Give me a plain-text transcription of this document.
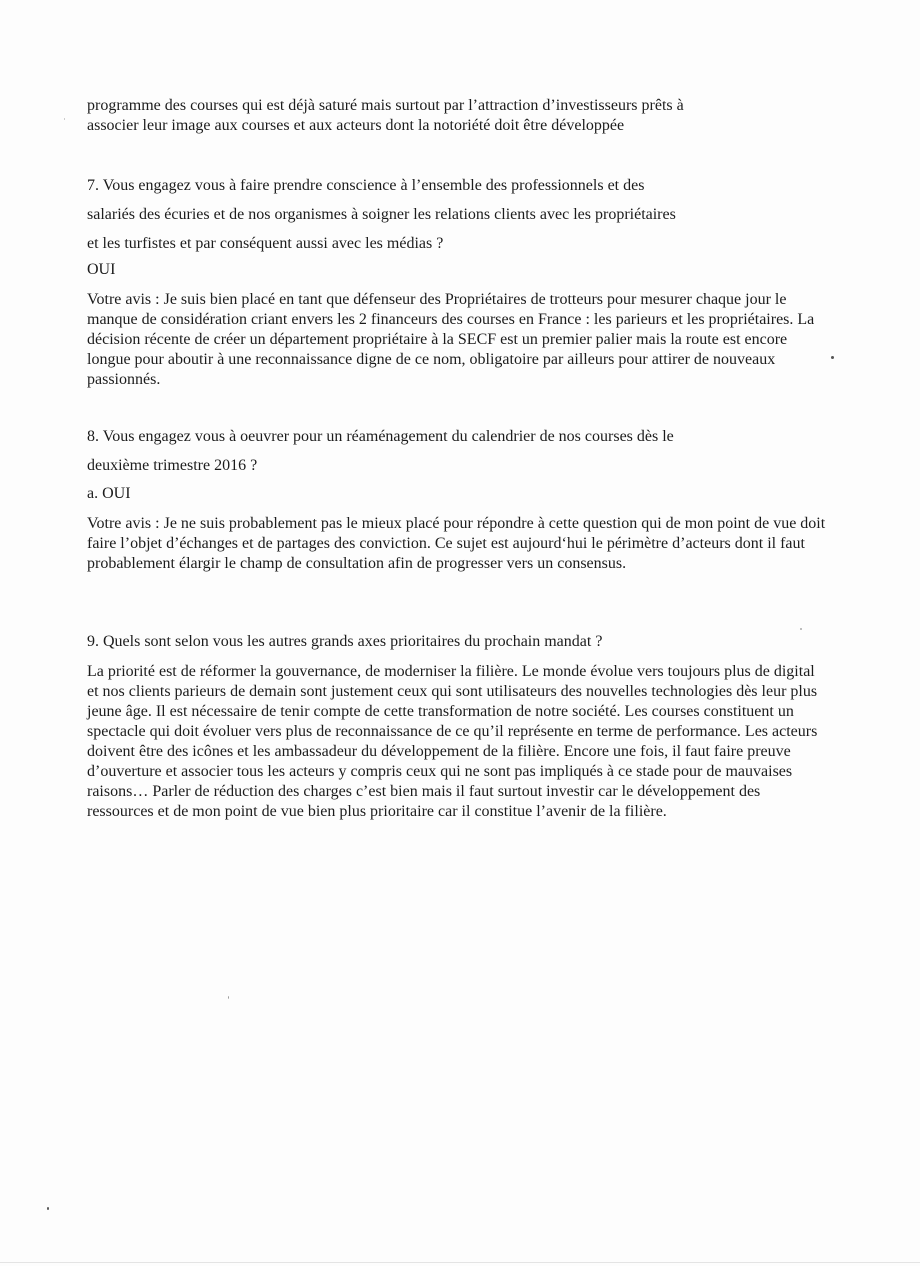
programme des courses qui est déjà saturé mais surtout par l’attraction d’investisseurs prêts à
associer leur image aux courses et aux acteurs dont la notoriété doit être développée
7. Vous engagez vous à faire prendre conscience à l’ensemble des professionnels et des
salariés des écuries et de nos organismes à soigner les relations clients avec les propriétaires
et les turfistes et par conséquent aussi avec les médias ?
OUI

Votre avis : Je suis bien placé en tant que défenseur des Propriétaires de trotteurs pour mesurer chaque jour le manque de considération criant envers les 2 financeurs des courses en France : les parieurs et les propriétaires. La décision récente de créer un département propriétaire à la SECF est un premier palier mais la route est encore longue pour aboutir à une reconnaissance digne de ce nom, obligatoire par ailleurs pour attirer de nouveaux passionnés.

8. Vous engagez vous à oeuvrer pour un réaménagement du calendrier de nos courses dès le
deuxième trimestre 2016 ?
a. OUI

Votre avis : Je ne suis probablement pas le mieux placé pour répondre à cette question qui de mon point de vue doit faire l’objet d’échanges et de partages des conviction. Ce sujet est aujourd‘hui le périmètre d’acteurs dont il faut probablement élargir le champ de consultation afin de progresser vers un consensus.

9. Quels sont selon vous les autres grands axes prioritaires du prochain mandat ?

La priorité est de réformer la gouvernance, de moderniser la filière. Le monde évolue vers toujours plus de digital et nos clients parieurs de demain sont justement ceux qui sont utilisateurs des nouvelles technologies dès leur plus jeune âge. Il est nécessaire de tenir compte de cette transformation de notre société. Les courses constituent un spectacle qui doit évoluer vers plus de reconnaissance de ce qu’il représente en terme de performance. Les acteurs doivent être des icônes et les ambassadeur du développement de la filière. Encore une fois, il faut faire preuve d’ouverture et associer tous les acteurs y compris ceux qui ne sont pas impliqués à ce stade pour de mauvaises raisons… Parler de réduction des charges c’est bien mais il faut surtout investir car le développement des ressources et de mon point de vue bien plus prioritaire car il constitue l’avenir de la filière.
